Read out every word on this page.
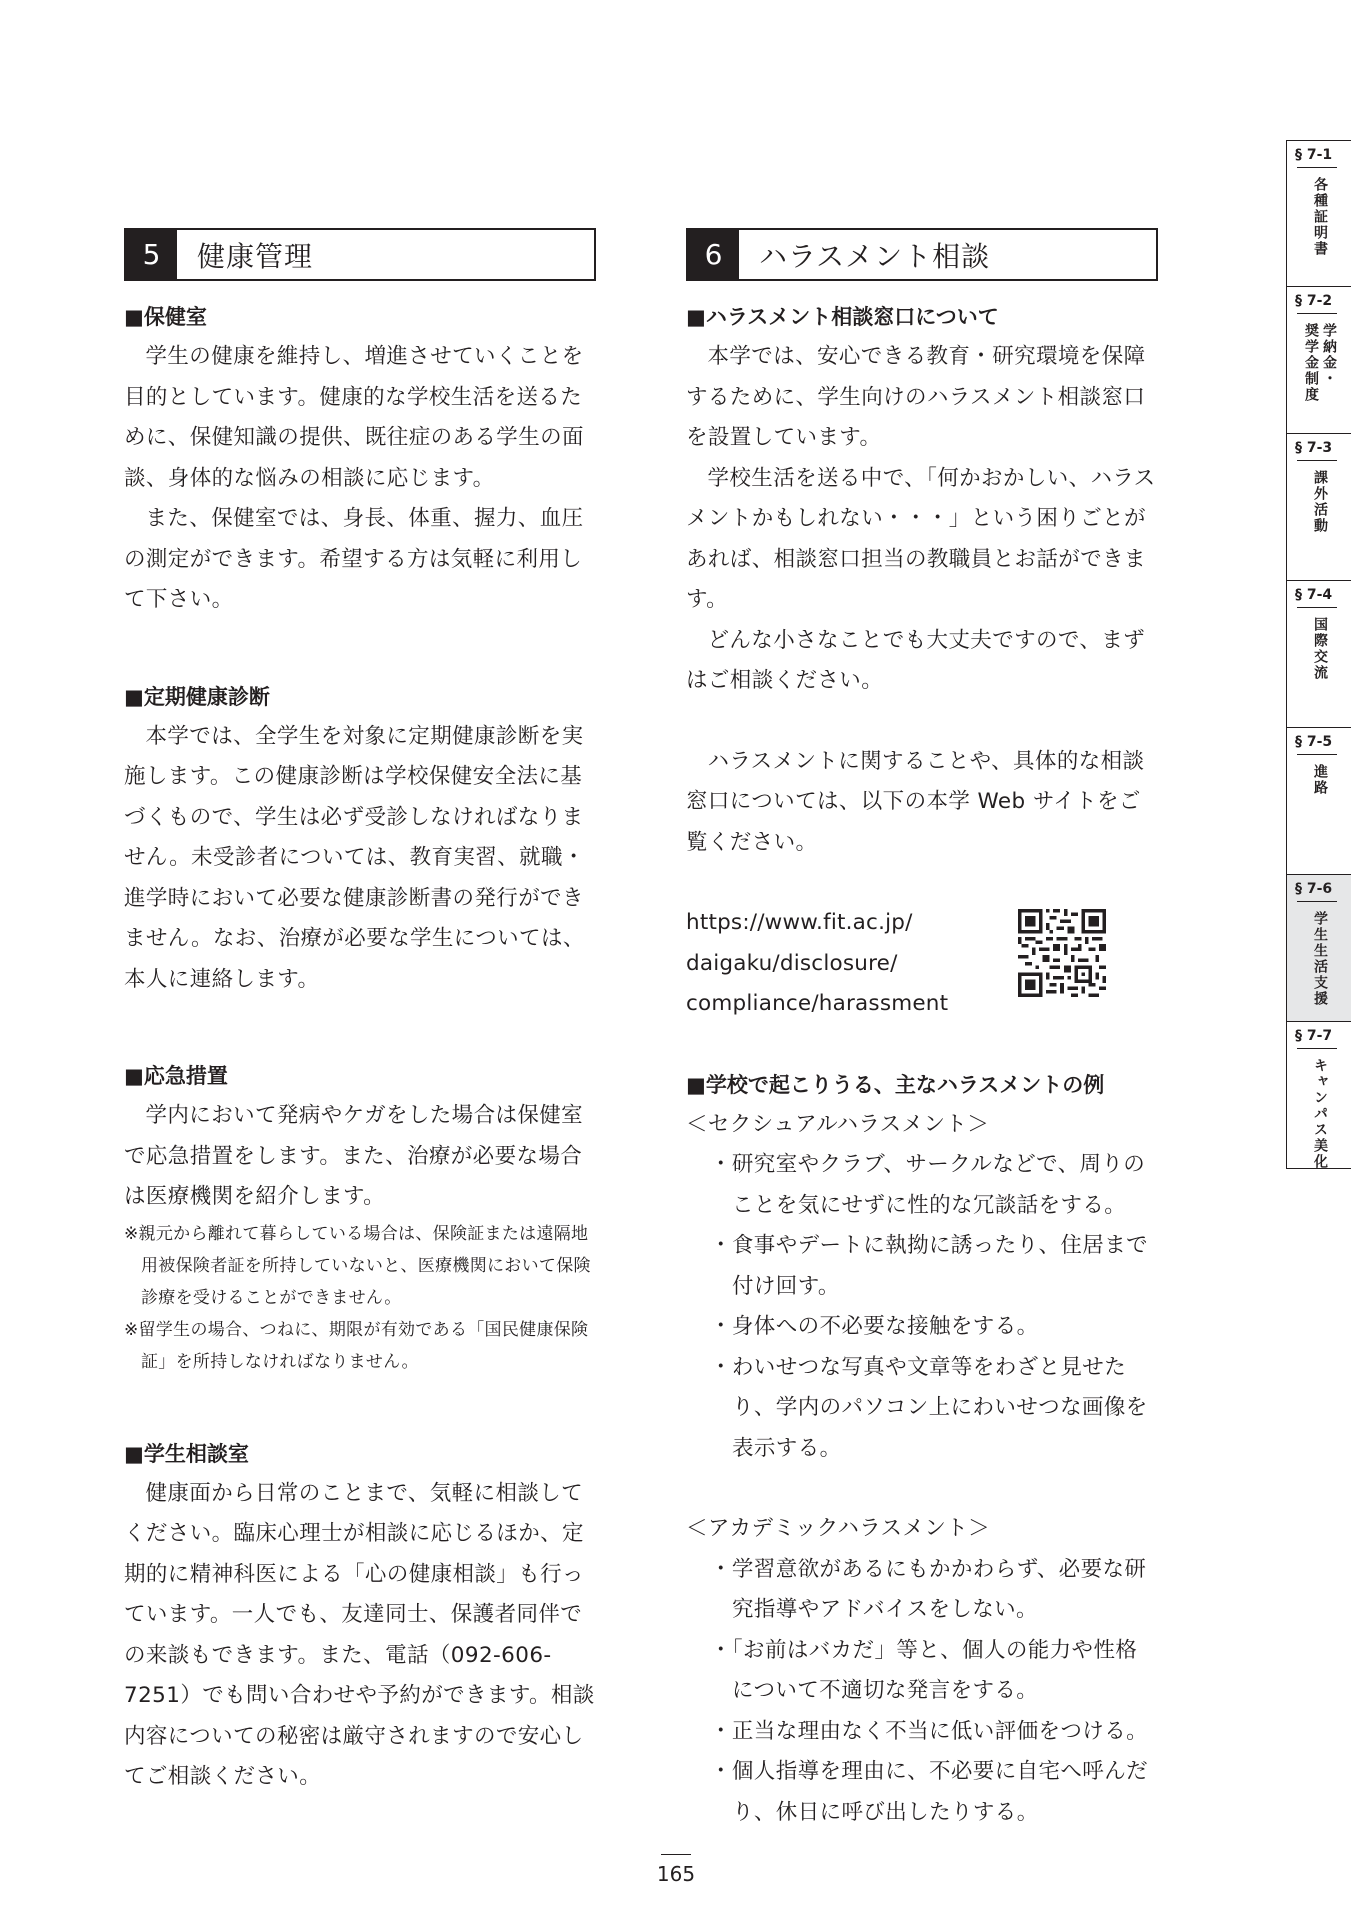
5	健康管理
■保健室
学生の健康を維持し、増進させていくことを目的としています。健康的な学校生活を送るために、保健知識の提供、既往症のある学生の面談、身体的な悩みの相談に応じます。
また、保健室では、身長、体重、握力、血圧の測定ができます。希望する方は気軽に利用して下さい。
■定期健康診断
本学では、全学生を対象に定期健康診断を実施します。この健康診断は学校保健安全法に基づくもので、学生は必ず受診しなければなりません。未受診者については、教育実習、就職・進学時において必要な健康診断書の発行ができません。なお、治療が必要な学生については、本人に連絡します。
■応急措置
学内において発病やケガをした場合は保健室で応急措置をします。また、治療が必要な場合は医療機関を紹介します。
※親元から離れて暮らしている場合は、保険証または遠隔地用被保険者証を所持していないと、医療機関において保険診療を受けることができません。
※留学生の場合、つねに、期限が有効である「国民健康保険証」を所持しなければなりません。
■学生相談室
健康面から日常のことまで、気軽に相談してください。臨床心理士が相談に応じるほか、定期的に精神科医による「心の健康相談」も行っています。一人でも、友達同士、保護者同伴での来談もできます。また、電話（092-606-7251）でも問い合わせや予約ができます。相談内容についての秘密は厳守されますので安心してご相談ください。
6	ハラスメント相談
■ハラスメント相談窓口について
本学では、安心できる教育・研究環境を保障するために、学生向けのハラスメント相談窓口を設置しています。
学校生活を送る中で、「何かおかしい、ハラスメントかもしれない・・・」という困りごとがあれば、相談窓口担当の教職員とお話ができます。
どんな小さなことでも大丈夫ですので、まずはご相談ください。
ハラスメントに関することや、具体的な相談窓口については、以下の本学 Web サイトをご覧ください。
https://www.fit.ac.jp/
daigaku/disclosure/
compliance/harassment
■学校で起こりうる、主なハラスメントの例
＜セクシュアルハラスメント＞
・研究室やクラブ、サークルなどで、周りのことを気にせずに性的な冗談話をする。
・食事やデートに執拗に誘ったり、住居まで付け回す。
・身体への不必要な接触をする。
・わいせつな写真や文章等をわざと見せたり、学内のパソコン上にわいせつな画像を表示する。
＜アカデミックハラスメント＞
・学習意欲があるにもかかわらず、必要な研究指導やアドバイスをしない。
・「お前はバカだ」等と、個人の能力や性格について不適切な発言をする。
・正当な理由なく不当に低い評価をつける。
・個人指導を理由に、不必要に自宅へ呼んだり、休日に呼び出したりする。
165
§ 7-1
各種証明書
§ 7-2
学納金・
奨学金制度
§ 7-3
課外活動
§ 7-4
国際交流
§ 7-5
進路
§ 7-6
学生生活支援
§ 7-7
キャンパス美化
